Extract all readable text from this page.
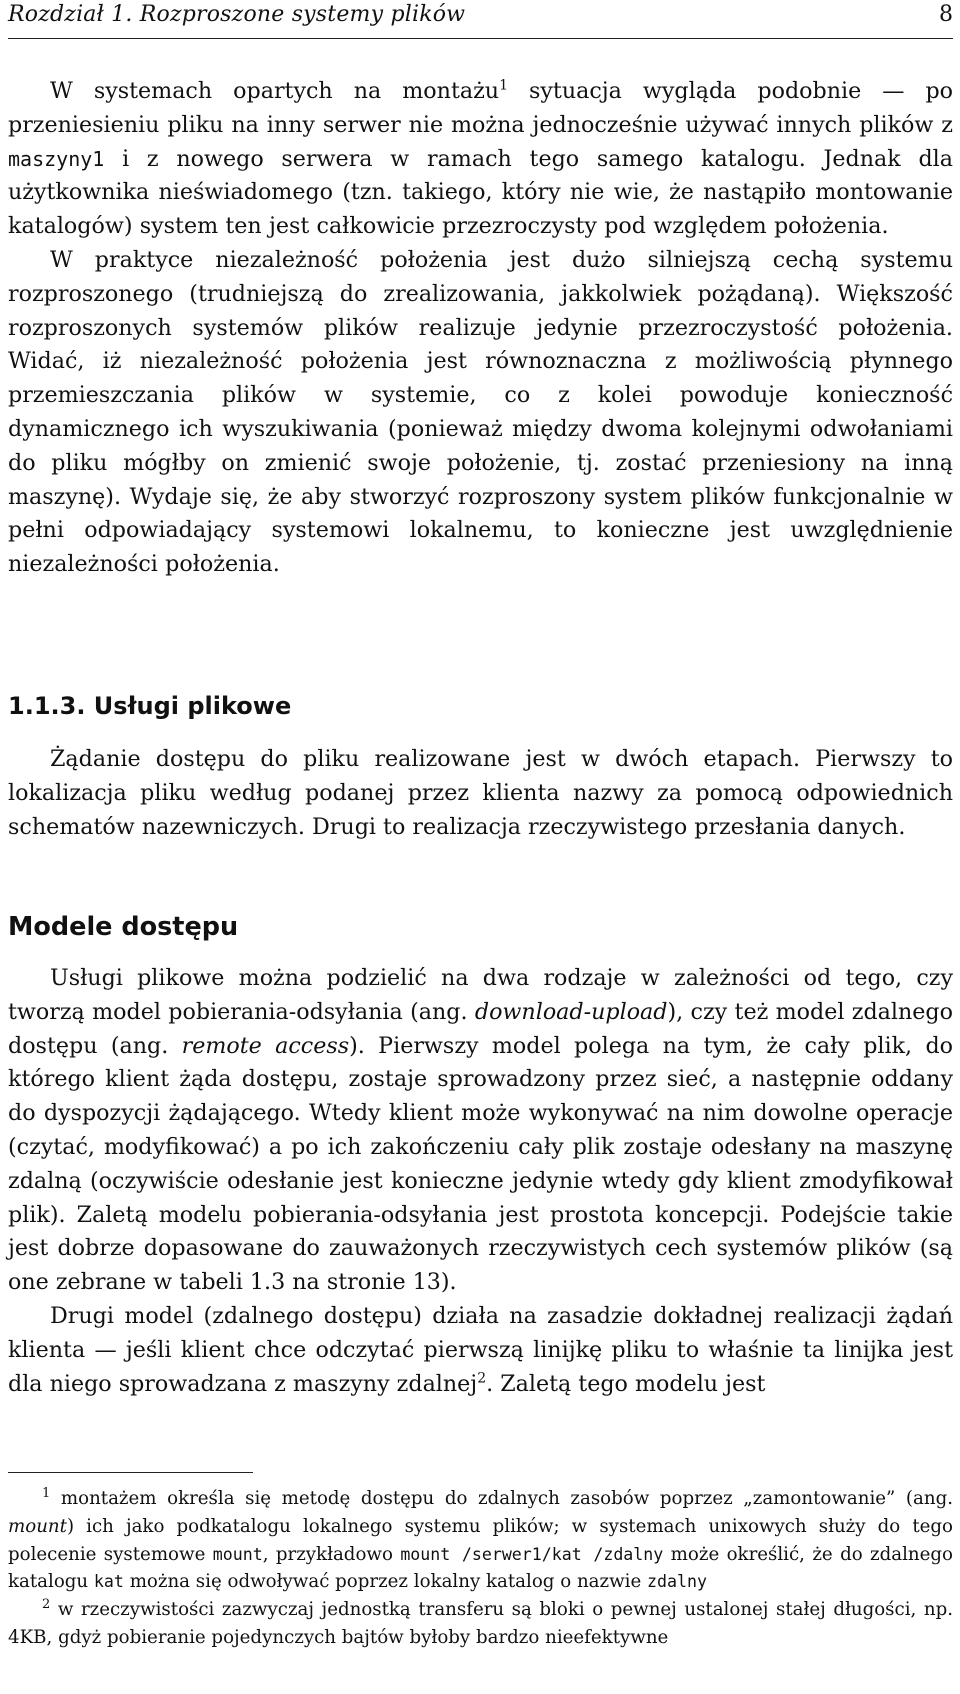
Rozdział 1. Rozproszone systemy plików	8

W systemach opartych na montażu$^1$ sytuacja wygląda podobnie — po przeniesieniu pliku na inny serwer nie można jednocześnie używać innych plików z maszyny1 i z nowego serwera w ramach tego samego katalogu. Jednak dla użytkownika nieświadomego (tzn. takiego, który nie wie, że nastąpiło montowanie katalogów) system ten jest całkowicie przezroczysty pod względem położenia.

W praktyce niezależność położenia jest dużo silniejszą cechą systemu rozproszonego (trudniejszą do zrealizowania, jakkolwiek pożądaną). Większość rozproszonych systemów plików realizuje jedynie przezroczystość położenia. Widać, iż niezależność położenia jest równoznaczna z możliwością płynnego przemieszczania plików w systemie, co z kolei powoduje konieczność dynamicznego ich wyszukiwania (ponieważ między dwoma kolejnymi odwołaniami do pliku mógłby on zmienić swoje położenie, tj. zostać przeniesiony na inną maszynę). Wydaje się, że aby stworzyć rozproszony system plików funkcjonalnie w pełni odpowiadający systemowi lokalnemu, to konieczne jest uwzględnienie niezależności położenia.

1.1.3. Usługi plikowe

Żądanie dostępu do pliku realizowane jest w dwóch etapach. Pierwszy to lokalizacja pliku według podanej przez klienta nazwy za pomocą odpowiednich schematów nazewniczych. Drugi to realizacja rzeczywistego przesłania danych.

Modele dostępu

Usługi plikowe można podzielić na dwa rodzaje w zależności od tego, czy tworzą model pobierania-odsyłania (ang. download-upload), czy też model zdalnego dostępu (ang. remote access). Pierwszy model polega na tym, że cały plik, do którego klient żąda dostępu, zostaje sprowadzony przez sieć, a następnie oddany do dyspozycji żądającego. Wtedy klient może wykonywać na nim dowolne operacje (czytać, modyfikować) a po ich zakończeniu cały plik zostaje odesłany na maszynę zdalną (oczywiście odesłanie jest konieczne jedynie wtedy gdy klient zmodyfikował plik). Zaletą modelu pobierania-odsyłania jest prostota koncepcji. Podejście takie jest dobrze dopasowane do zauważonych rzeczywistych cech systemów plików (są one zebrane w tabeli 1.3 na stronie 13).

Drugi model (zdalnego dostępu) działa na zasadzie dokładnej realizacji żądań klienta — jeśli klient chce odczytać pierwszą linijkę pliku to właśnie ta linijka jest dla niego sprowadzana z maszyny zdalnej$^2$. Zaletą tego modelu jest

$^1$ montażem określa się metodę dostępu do zdalnych zasobów poprzez „zamontowanie” (ang. mount) ich jako podkatalogu lokalnego systemu plików; w systemach unixowych służy do tego polecenie systemowe mount, przykładowo mount /serwer1/kat /zdalny może określić, że do zdalnego katalogu kat można się odwoływać poprzez lokalny katalog o nazwie zdalny

$^2$ w rzeczywistości zazwyczaj jednostką transferu są bloki o pewnej ustalonej stałej długości, np. 4KB, gdyż pobieranie pojedynczych bajtów byłoby bardzo nieefektywne
